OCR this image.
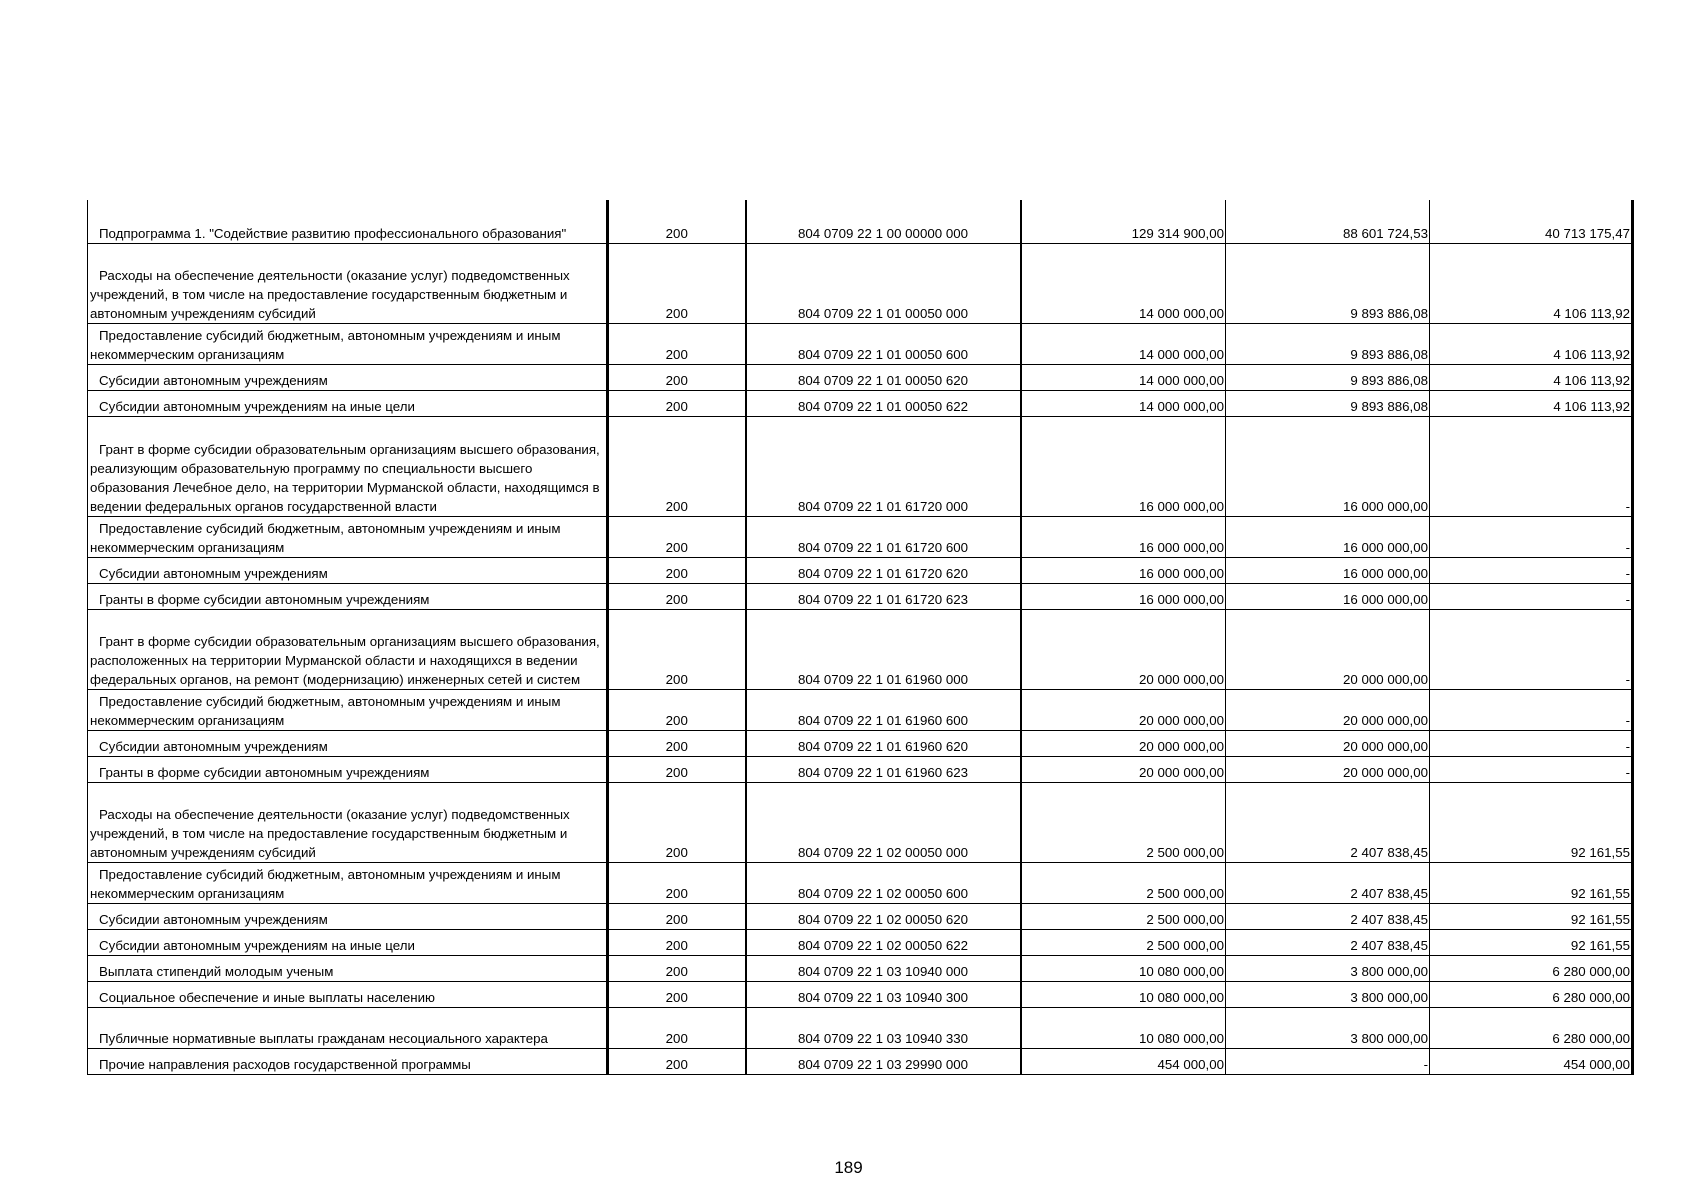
Подпрограмма 1. "Содействие развитию профессионального образования"	200	804 0709 22 1 00 00000 000	129 314 900,00	88 601 724,53	40 713 175,47
Расходы на обеспечение деятельности (оказание услуг) подведомственных учреждений, в том числе на предоставление государственным бюджетным и автономным учреждениям субсидий	200	804 0709 22 1 01 00050 000	14 000 000,00	9 893 886,08	4 106 113,92
Предоставление субсидий бюджетным, автономным учреждениям и иным некоммерческим организациям	200	804 0709 22 1 01 00050 600	14 000 000,00	9 893 886,08	4 106 113,92
Субсидии автономным учреждениям	200	804 0709 22 1 01 00050 620	14 000 000,00	9 893 886,08	4 106 113,92
Субсидии автономным учреждениям на иные цели	200	804 0709 22 1 01 00050 622	14 000 000,00	9 893 886,08	4 106 113,92
Грант в форме субсидии образовательным организациям высшего образования, реализующим образовательную программу по специальности высшего образования Лечебное дело, на территории Мурманской области, находящимся в ведении федеральных органов государственной власти	200	804 0709 22 1 01 61720 000	16 000 000,00	16 000 000,00	-
Предоставление субсидий бюджетным, автономным учреждениям и иным некоммерческим организациям	200	804 0709 22 1 01 61720 600	16 000 000,00	16 000 000,00	-
Субсидии автономным учреждениям	200	804 0709 22 1 01 61720 620	16 000 000,00	16 000 000,00	-
Гранты в форме субсидии автономным учреждениям	200	804 0709 22 1 01 61720 623	16 000 000,00	16 000 000,00	-
Грант в форме субсидии образовательным организациям высшего образования, расположенных на территории Мурманской области и находящихся в ведении федеральных органов, на ремонт (модернизацию) инженерных сетей и систем	200	804 0709 22 1 01 61960 000	20 000 000,00	20 000 000,00	-
Предоставление субсидий бюджетным, автономным учреждениям и иным некоммерческим организациям	200	804 0709 22 1 01 61960 600	20 000 000,00	20 000 000,00	-
Субсидии автономным учреждениям	200	804 0709 22 1 01 61960 620	20 000 000,00	20 000 000,00	-
Гранты в форме субсидии автономным учреждениям	200	804 0709 22 1 01 61960 623	20 000 000,00	20 000 000,00	-
Расходы на обеспечение деятельности (оказание услуг) подведомственных учреждений, в том числе на предоставление государственным бюджетным и автономным учреждениям субсидий	200	804 0709 22 1 02 00050 000	2 500 000,00	2 407 838,45	92 161,55
Предоставление субсидий бюджетным, автономным учреждениям и иным некоммерческим организациям	200	804 0709 22 1 02 00050 600	2 500 000,00	2 407 838,45	92 161,55
Субсидии автономным учреждениям	200	804 0709 22 1 02 00050 620	2 500 000,00	2 407 838,45	92 161,55
Субсидии автономным учреждениям на иные цели	200	804 0709 22 1 02 00050 622	2 500 000,00	2 407 838,45	92 161,55
Выплата стипендий молодым ученым	200	804 0709 22 1 03 10940 000	10 080 000,00	3 800 000,00	6 280 000,00
Социальное обеспечение и иные выплаты населению	200	804 0709 22 1 03 10940 300	10 080 000,00	3 800 000,00	6 280 000,00
Публичные нормативные выплаты гражданам несоциального характера	200	804 0709 22 1 03 10940 330	10 080 000,00	3 800 000,00	6 280 000,00
Прочие направления расходов государственной программы	200	804 0709 22 1 03 29990 000	454 000,00	-	454 000,00
189
